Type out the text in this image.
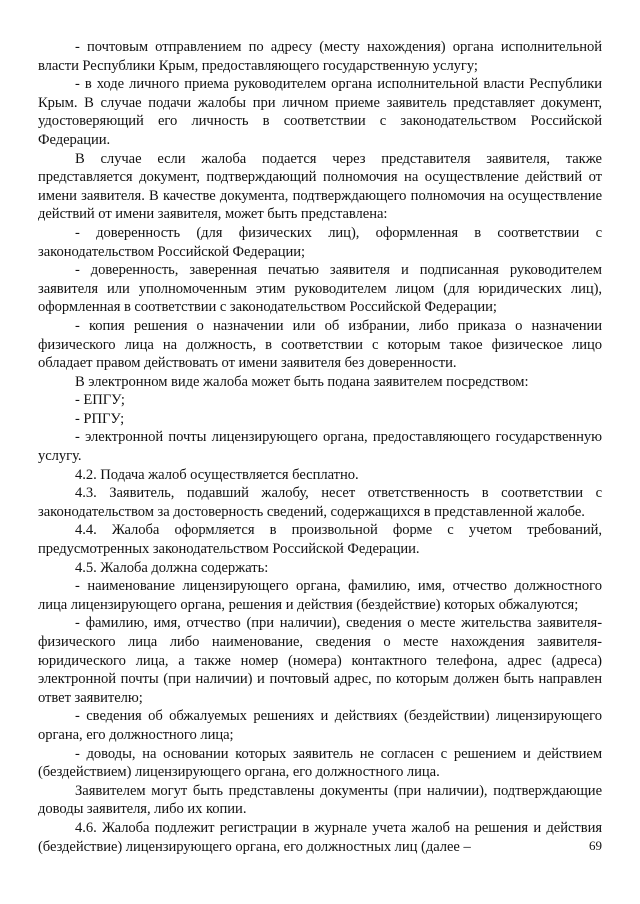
- почтовым отправлением по адресу (месту нахождения) органа исполнительной власти Республики Крым, предоставляющего государственную услугу;

- в ходе личного приема руководителем органа исполнительной власти Республики Крым. В случае подачи жалобы при личном приеме заявитель представляет документ, удостоверяющий его личность в соответствии с законодательством Российской Федерации.

В случае если жалоба подается через представителя заявителя, также представляется документ, подтверждающий полномочия на осуществление действий от имени заявителя. В качестве документа, подтверждающего полномочия на осуществление действий от имени заявителя, может быть представлена:

- доверенность (для физических лиц), оформленная в соответствии с законодательством Российской Федерации;

- доверенность, заверенная печатью заявителя и подписанная руководителем заявителя или уполномоченным этим руководителем лицом (для юридических лиц), оформленная в соответствии с законодательством Российской Федерации;

- копия решения о назначении или об избрании, либо приказа о назначении физического лица на должность, в соответствии с которым такое физическое лицо обладает правом действовать от имени заявителя без доверенности.

В электронном виде жалоба может быть подана заявителем посредством:

- ЕПГУ;

- РПГУ;

- электронной почты лицензирующего органа, предоставляющего государственную услугу.

4.2. Подача жалоб осуществляется бесплатно.

4.3. Заявитель, подавший жалобу, несет ответственность в соответствии с законодательством за достоверность сведений, содержащихся в представленной жалобе.

4.4. Жалоба оформляется в произвольной форме с учетом требований, предусмотренных законодательством Российской Федерации.

4.5. Жалоба должна содержать:

- наименование лицензирующего органа, фамилию, имя, отчество должностного лица лицензирующего органа, решения и действия (бездействие) которых обжалуются;

- фамилию, имя, отчество (при наличии), сведения о месте жительства заявителя-физического лица либо наименование, сведения о месте нахождения заявителя-юридического лица, а также номер (номера) контактного телефона, адрес (адреса) электронной почты (при наличии) и почтовый адрес, по которым должен быть направлен ответ заявителю;

- сведения об обжалуемых решениях и действиях (бездействии) лицензирующего органа, его должностного лица;

- доводы, на основании которых заявитель не согласен с решением и действием (бездействием) лицензирующего органа, его должностного лица.

Заявителем могут быть представлены документы (при наличии), подтверждающие доводы заявителя, либо их копии.

4.6. Жалоба подлежит регистрации в журнале учета жалоб на решения и действия (бездействие) лицензирующего органа, его должностных лиц (далее –	69
